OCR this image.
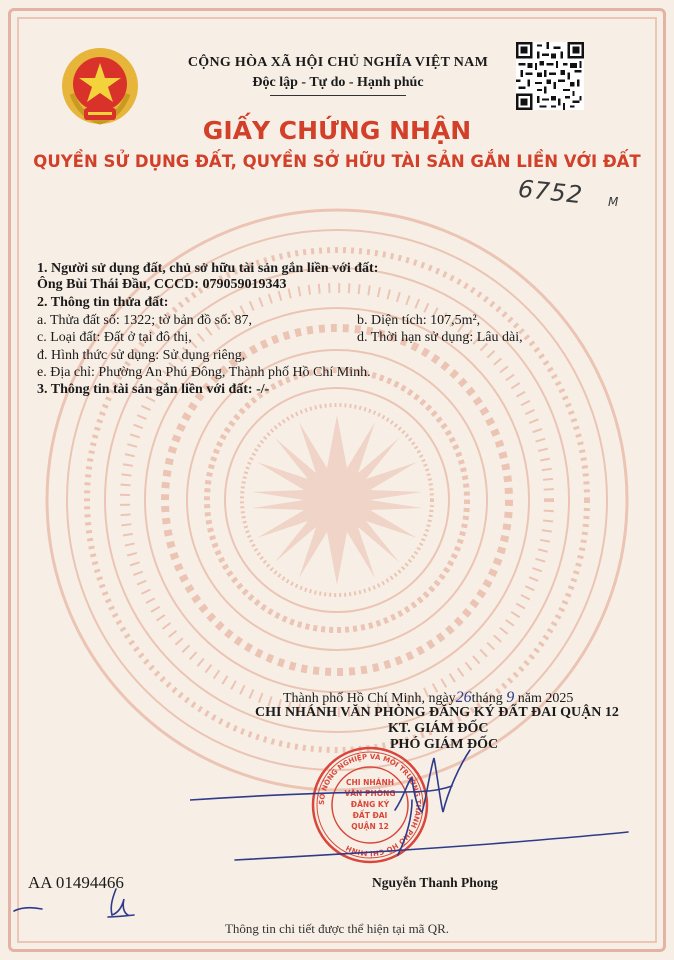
CỘNG HÒA XÃ HỘI CHỦ NGHĨA VIỆT NAM
Độc lập - Tự do - Hạnh phúc
GIẤY CHỨNG NHẬN
QUYỀN SỬ DỤNG ĐẤT, QUYỀN SỞ HỮU TÀI SẢN GẮN LIỀN VỚI ĐẤT
6752 M
1. Người sử dụng đất, chủ sở hữu tài sản gắn liền với đất:
Ông Bùi Thái Đầu, CCCD: 079059019343
2. Thông tin thửa đất:
a. Thửa đất số: 1322; tờ bản đồ số: 87,	b. Diện tích: 107,5m²,
c. Loại đất: Đất ở tại đô thị,	d. Thời hạn sử dụng: Lâu dài,
đ. Hình thức sử dụng: Sử dụng riêng,
e. Địa chỉ: Phường An Phú Đông, Thành phố Hồ Chí Minh.
3. Thông tin tài sản gắn liền với đất: -/-
Thành phố Hồ Chí Minh, ngày26tháng 9 năm 2025
CHI NHÁNH VĂN PHÒNG ĐĂNG KÝ ĐẤT ĐAI QUẬN 12
KT. GIÁM ĐỐC
PHÓ GIÁM ĐỐC
SỞ NÔNG NGHIỆP VÀ MÔI TRƯỜNG THÀNH PHỐ HỒ CHÍ MINH
CHI NHÁNH
VĂN PHÒNG
ĐĂNG KÝ
ĐẤT ĐAI
QUẬN 12
Nguyễn Thanh Phong
AA 01494466
Thông tin chi tiết được thể hiện tại mã QR.
